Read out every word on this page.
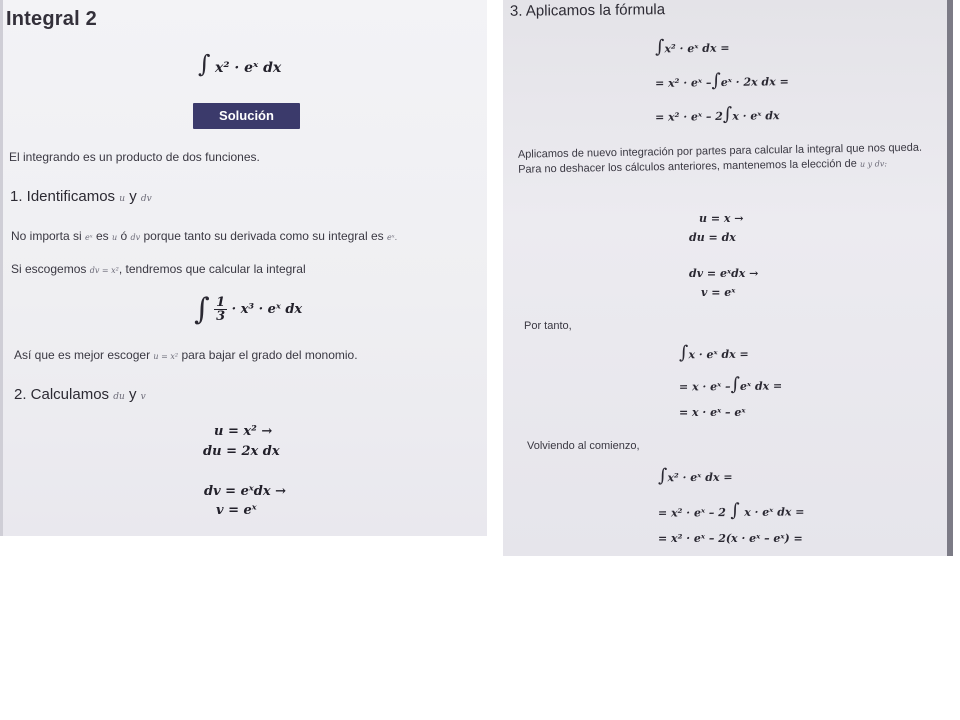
Integral 2
∫ x² · eˣ dx
Solución
El integrando es un producto de dos funciones.
1. Identificamos u y dv
No importa si eˣ es u ó dv porque tanto su derivada como su integral es eˣ.
Si escogemos dv = x², tendremos que calcular la integral
∫ $\frac{1}{3} \cdot x^3$ · eˣ dx
Así que es mejor escoger u = x² para bajar el grado del monomio.
2. Calculamos du y v
u = x² →
du = 2x dx
dv = eˣdx →
v = eˣ
3. Aplicamos la fórmula
∫x² · eˣ dx =
= x² · eˣ –∫eˣ · 2x dx =
= x² · eˣ – 2∫x · eˣ dx
Aplicamos de nuevo integración por partes para calcular la integral que nos queda. Para no deshacer los cálculos anteriores, mantenemos la elección de u y dv:
u = x →
du = dx
dv = eˣdx →
v = eˣ
Por tanto,
∫x · eˣ dx =
= x · eˣ –∫eˣ dx =
= x · eˣ – eˣ
Volviendo al comienzo,
∫x² · eˣ dx =
= x² · eˣ – 2 ∫ x · eˣ dx =
= x² · eˣ – 2(x · eˣ – eˣ) =
